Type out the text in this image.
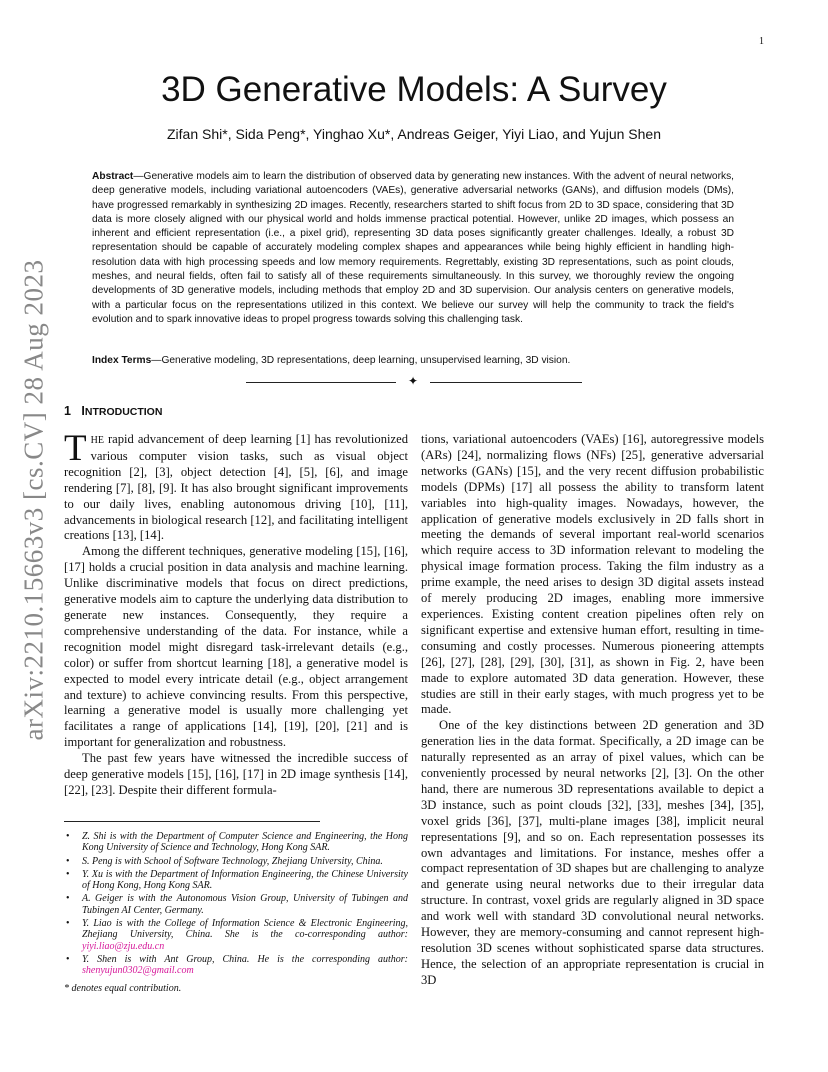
1
arXiv:2210.15663v3 [cs.CV] 28 Aug 2023
3D Generative Models: A Survey
Zifan Shi*, Sida Peng*, Yinghao Xu*, Andreas Geiger, Yiyi Liao, and Yujun Shen
Abstract—Generative models aim to learn the distribution of observed data by generating new instances. With the advent of neural networks, deep generative models, including variational autoencoders (VAEs), generative adversarial networks (GANs), and diffusion models (DMs), have progressed remarkably in synthesizing 2D images. Recently, researchers started to shift focus from 2D to 3D space, considering that 3D data is more closely aligned with our physical world and holds immense practical potential. However, unlike 2D images, which possess an inherent and efficient representation (i.e., a pixel grid), representing 3D data poses significantly greater challenges. Ideally, a robust 3D representation should be capable of accurately modeling complex shapes and appearances while being highly efficient in handling high-resolution data with high processing speeds and low memory requirements. Regrettably, existing 3D representations, such as point clouds, meshes, and neural fields, often fail to satisfy all of these requirements simultaneously. In this survey, we thoroughly review the ongoing developments of 3D generative models, including methods that employ 2D and 3D supervision. Our analysis centers on generative models, with a particular focus on the representations utilized in this context. We believe our survey will help the community to track the field's evolution and to spark innovative ideas to propel progress towards solving this challenging task.
Index Terms—Generative modeling, 3D representations, deep learning, unsupervised learning, 3D vision.
✦
1 INTRODUCTION

THE rapid advancement of deep learning [1] has revolutionized various computer vision tasks, such as visual object recognition [2], [3], object detection [4], [5], [6], and image rendering [7], [8], [9]. It has also brought significant improvements to our daily lives, enabling autonomous driving [10], [11], advancements in biological research [12], and facilitating intelligent creations [13], [14].

Among the different techniques, generative modeling [15], [16], [17] holds a crucial position in data analysis and machine learning. Unlike discriminative models that focus on direct predictions, generative models aim to capture the underlying data distribution to generate new instances. Consequently, they require a comprehensive understanding of the data. For instance, while a recognition model might disregard task-irrelevant details (e.g., color) or suffer from shortcut learning [18], a generative model is expected to model every intricate detail (e.g., object arrangement and texture) to achieve convincing results. From this perspective, learning a generative model is usually more challenging yet facilitates a range of applications [14], [19], [20], [21] and is important for generalization and robustness.

The past few years have witnessed the incredible success of deep generative models [15], [16], [17] in 2D image synthesis [14], [22], [23]. Despite their different formula-

• Z. Shi is with the Department of Computer Science and Engineering, the Hong Kong University of Science and Technology, Hong Kong SAR.
• S. Peng is with School of Software Technology, Zhejiang University, China.
• Y. Xu is with the Department of Information Engineering, the Chinese University of Hong Kong, Hong Kong SAR.
• A. Geiger is with the Autonomous Vision Group, University of Tubingen and Tubingen AI Center, Germany.
• Y. Liao is with the College of Information Science & Electronic Engineering, Zhejiang University, China. She is the co-corresponding author: yiyi.liao@zju.edu.cn
• Y. Shen is with Ant Group, China. He is the corresponding author: shenyujun0302@gmail.com
* denotes equal contribution.

tions, variational autoencoders (VAEs) [16], autoregressive models (ARs) [24], normalizing flows (NFs) [25], generative adversarial networks (GANs) [15], and the very recent diffusion probabilistic models (DPMs) [17] all possess the ability to transform latent variables into high-quality images. Nowadays, however, the application of generative models exclusively in 2D falls short in meeting the demands of several important real-world scenarios which require access to 3D information relevant to modeling the physical image formation process. Taking the film industry as a prime example, the need arises to design 3D digital assets instead of merely producing 2D images, enabling more immersive experiences. Existing content creation pipelines often rely on significant expertise and extensive human effort, resulting in time-consuming and costly processes. Numerous pioneering attempts [26], [27], [28], [29], [30], [31], as shown in Fig. 2, have been made to explore automated 3D data generation. However, these studies are still in their early stages, with much progress yet to be made.

One of the key distinctions between 2D generation and 3D generation lies in the data format. Specifically, a 2D image can be naturally represented as an array of pixel values, which can be conveniently processed by neural networks [2], [3]. On the other hand, there are numerous 3D representations available to depict a 3D instance, such as point clouds [32], [33], meshes [34], [35], voxel grids [36], [37], multi-plane images [38], implicit neural representations [9], and so on. Each representation possesses its own advantages and limitations. For instance, meshes offer a compact representation of 3D shapes but are challenging to analyze and generate using neural networks due to their irregular data structure. In contrast, voxel grids are regularly aligned in 3D space and work well with standard 3D convolutional neural networks. However, they are memory-consuming and cannot represent high-resolution 3D scenes without sophisticated sparse data structures. Hence, the selection of an appropriate representation is crucial in 3D
